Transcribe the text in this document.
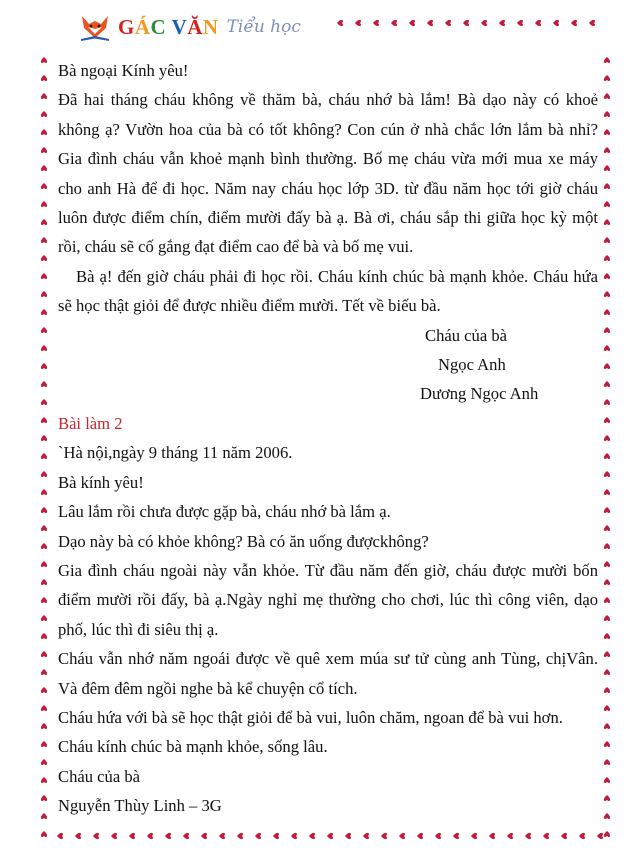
GÁC VĂN Tiểu học

Bà ngoại Kính yêu!

Đã hai tháng cháu không về thăm bà, cháu nhớ bà lắm! Bà dạo này có khoẻ không ạ? Vườn hoa của bà có tốt không? Con cún ở nhà chắc lớn lắm bà nhỉ? Gia đình cháu vẫn khoẻ mạnh bình thường. Bố mẹ cháu vừa mới mua xe máy cho anh Hà để đi học. Năm nay cháu học lớp 3D. từ đầu năm học tới giờ cháu luôn được điểm chín, điểm mười đấy bà ạ. Bà ơi, cháu sắp thi giữa học kỳ một rồi, cháu sẽ cố gắng đạt điểm cao để bà và bố mẹ vui.

Bà ạ! đến giờ cháu phải đi học rồi. Cháu kính chúc bà mạnh khỏe. Cháu hứa sẽ học thật giỏi để được nhiều điểm mười. Tết về biếu bà.

Cháu của bà

Ngọc Anh

Dương Ngọc Anh

Bài làm 2

`Hà nội,ngày 9 tháng 11 năm 2006.

Bà kính yêu!

Lâu lắm rồi chưa được gặp bà, cháu nhớ bà lắm ạ.

Dạo này bà có khỏe không? Bà có ăn uống đượckhông?

Gia đình cháu ngoài này vẫn khỏe. Từ đầu năm đến giờ, cháu được mười bốn điểm mười rồi đấy, bà ạ.Ngày nghỉ mẹ thường cho chơi, lúc thì công viên, dạo phố, lúc thì đi siêu thị ạ.

Cháu vẫn nhớ năm ngoái được về quê xem múa sư tử cùng anh Tùng, chịVân. Và đêm đêm ngồi nghe bà kể chuyện cổ tích.

Cháu hứa với bà sẽ học thật giỏi để bà vui, luôn chăm, ngoan để bà vui hơn.

Cháu kính chúc bà mạnh khỏe, sống lâu.

Cháu của bà

Nguyễn Thùy Linh – 3G
